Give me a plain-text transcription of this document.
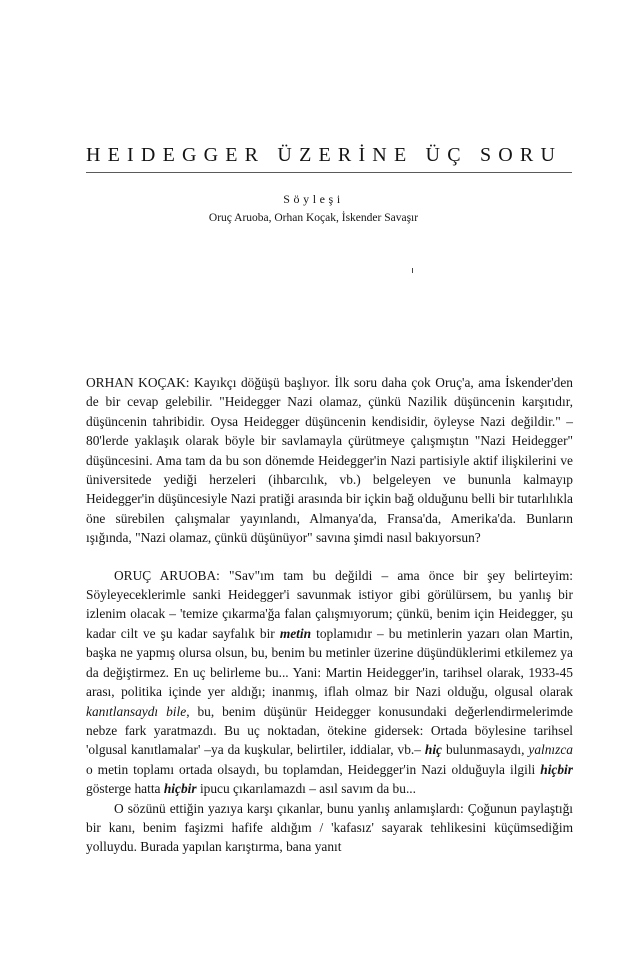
HEIDEGGER ÜZERİNE ÜÇ SORU
Söyleşi
Oruç Aruoba, Orhan Koçak, İskender Savaşır

ORHAN KOÇAK: Kayıkçı döğüşü başlıyor. İlk soru daha çok Oruç'a, ama İskender'den de bir cevap gelebilir. "Heidegger Nazi olamaz, çünkü Nazilik düşüncenin karşıtıdır, düşüncenin tahribidir. Oysa Heidegger düşüncenin kendisidir, öyleyse Nazi değildir." – 80'lerde yaklaşık olarak böyle bir savlamayla çürütmeye çalışmıştın "Nazi Heidegger" düşüncesini. Ama tam da bu son dönemde Heidegger'in Nazi partisiyle aktif ilişkilerini ve üniversitede yediği herzeleri (ihbarcılık, vb.) belgeleyen ve bununla kalmayıp Heidegger'in düşüncesiyle Nazi pratiği arasında bir içkin bağ olduğunu belli bir tutarlılıkla öne sürebilen çalışmalar yayınlandı, Almanya'da, Fransa'da, Amerika'da. Bunların ışığında, "Nazi olamaz, çünkü düşünüyor" savına şimdi nasıl bakıyorsun?

ORUÇ ARUOBA: "Sav"ım tam bu değildi – ama önce bir şey belirteyim: Söyleyeceklerimle sanki Heidegger'i savunmak istiyor gibi görülürsem, bu yanlış bir izlenim olacak – 'temize çıkarma'ğa falan çalışmıyorum; çünkü, benim için Heidegger, şu kadar cilt ve şu kadar sayfalık bir metin toplamıdır – bu metinlerin yazarı olan Martin, başka ne yapmış olursa olsun, bu, benim bu metinler üzerine düşündüklerimi etkilemez ya da değiştirmez. En uç belirleme bu... Yani: Martin Heidegger'in, tarihsel olarak, 1933-45 arası, politika içinde yer aldığı; inanmış, iflah olmaz bir Nazi olduğu, olgusal olarak kanıtlansaydı bile, bu, benim düşünür Heidegger konusundaki değerlendirmelerimde nebze fark yaratmazdı. Bu uç noktadan, ötekine gidersek: Ortada böylesine tarihsel 'olgusal kanıtlamalar' –ya da kuşkular, belirtiler, iddialar, vb.– hiç bulunmasaydı, yalnızca o metin toplamı ortada olsaydı, bu toplamdan, Heidegger'in Nazi olduğuyla ilgili hiçbir gösterge hatta hiçbir ipucu çıkarılamazdı – asıl savım da bu...

O sözünü ettiğin yazıya karşı çıkanlar, bunu yanlış anlamışlardı: Çoğunun paylaştığı bir kanı, benim faşizmi hafife aldığım / 'kafasız' sayarak tehlikesini küçümsediğim yolluydu. Burada yapılan karıştırma, bana yanıt
